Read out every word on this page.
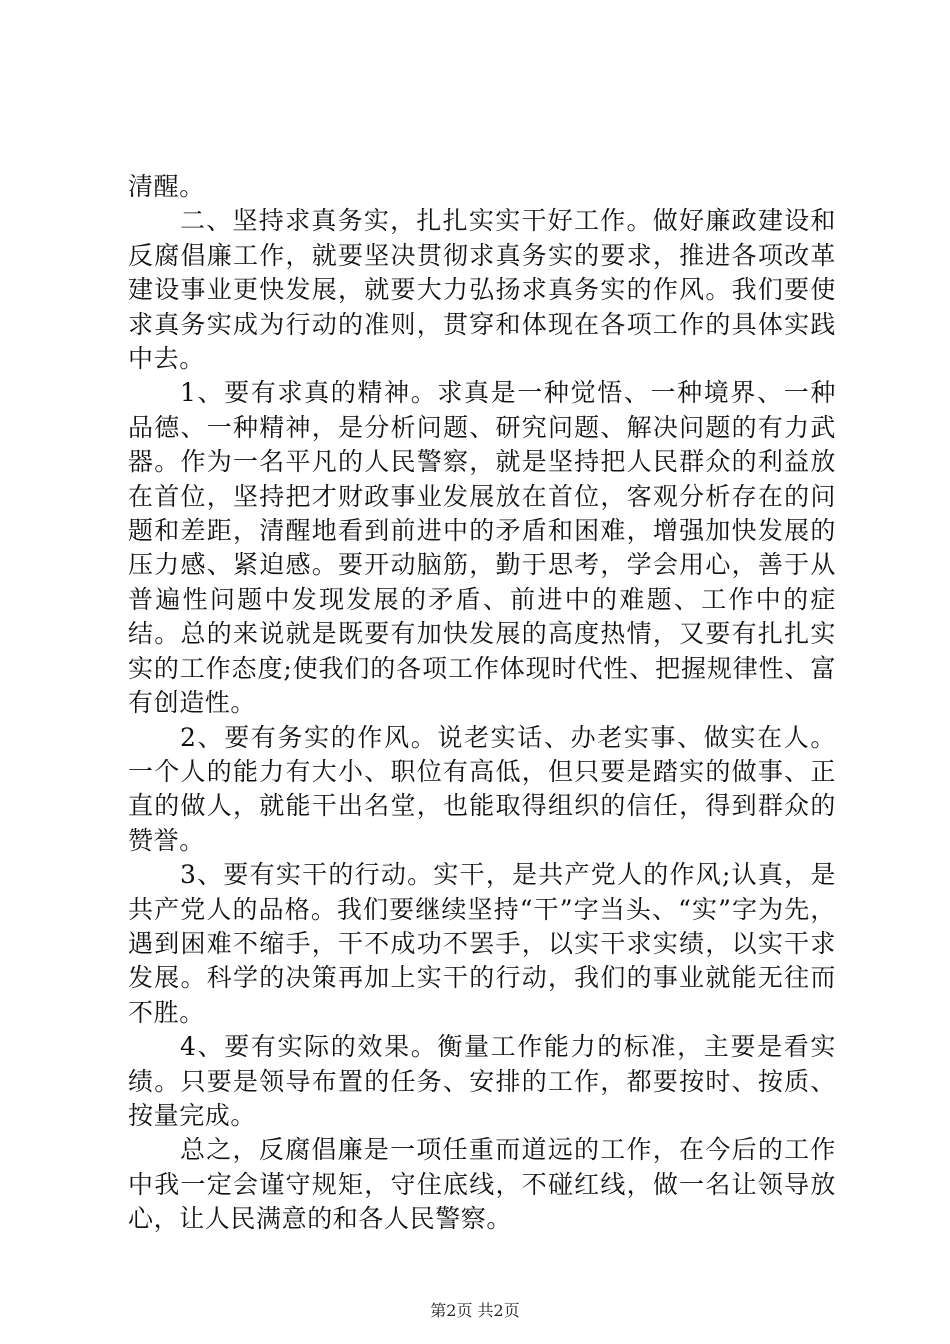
清醒。

二、坚持求真务实，扎扎实实干好工作。做好廉政建设和反腐倡廉工作，就要坚决贯彻求真务实的要求，推进各项改革建设事业更快发展，就要大力弘扬求真务实的作风。我们要使求真务实成为行动的准则，贯穿和体现在各项工作的具体实践中去。

1、要有求真的精神。求真是一种觉悟、一种境界、一种品德、一种精神，是分析问题、研究问题、解决问题的有力武器。作为一名平凡的人民警察，就是坚持把人民群众的利益放在首位，坚持把才财政事业发展放在首位，客观分析存在的问题和差距，清醒地看到前进中的矛盾和困难，增强加快发展的压力感、紧迫感。要开动脑筋，勤于思考，学会用心，善于从普遍性问题中发现发展的矛盾、前进中的难题、工作中的症结。总的来说就是既要有加快发展的高度热情，又要有扎扎实实的工作态度;使我们的各项工作体现时代性、把握规律性、富有创造性。

2、要有务实的作风。说老实话、办老实事、做实在人。一个人的能力有大小、职位有高低，但只要是踏实的做事、正直的做人，就能干出名堂，也能取得组织的信任，得到群众的赞誉。

3、要有实干的行动。实干，是共产党人的作风;认真，是共产党人的品格。我们要继续坚持“干”字当头、“实”字为先，遇到困难不缩手，干不成功不罢手，以实干求实绩，以实干求发展。科学的决策再加上实干的行动，我们的事业就能无往而不胜。

4、要有实际的效果。衡量工作能力的标准，主要是看实绩。只要是领导布置的任务、安排的工作，都要按时、按质、按量完成。

总之，反腐倡廉是一项任重而道远的工作，在今后的工作中我一定会谨守规矩，守住底线，不碰红线，做一名让领导放心，让人民满意的和各人民警察。

第2页 共2页
